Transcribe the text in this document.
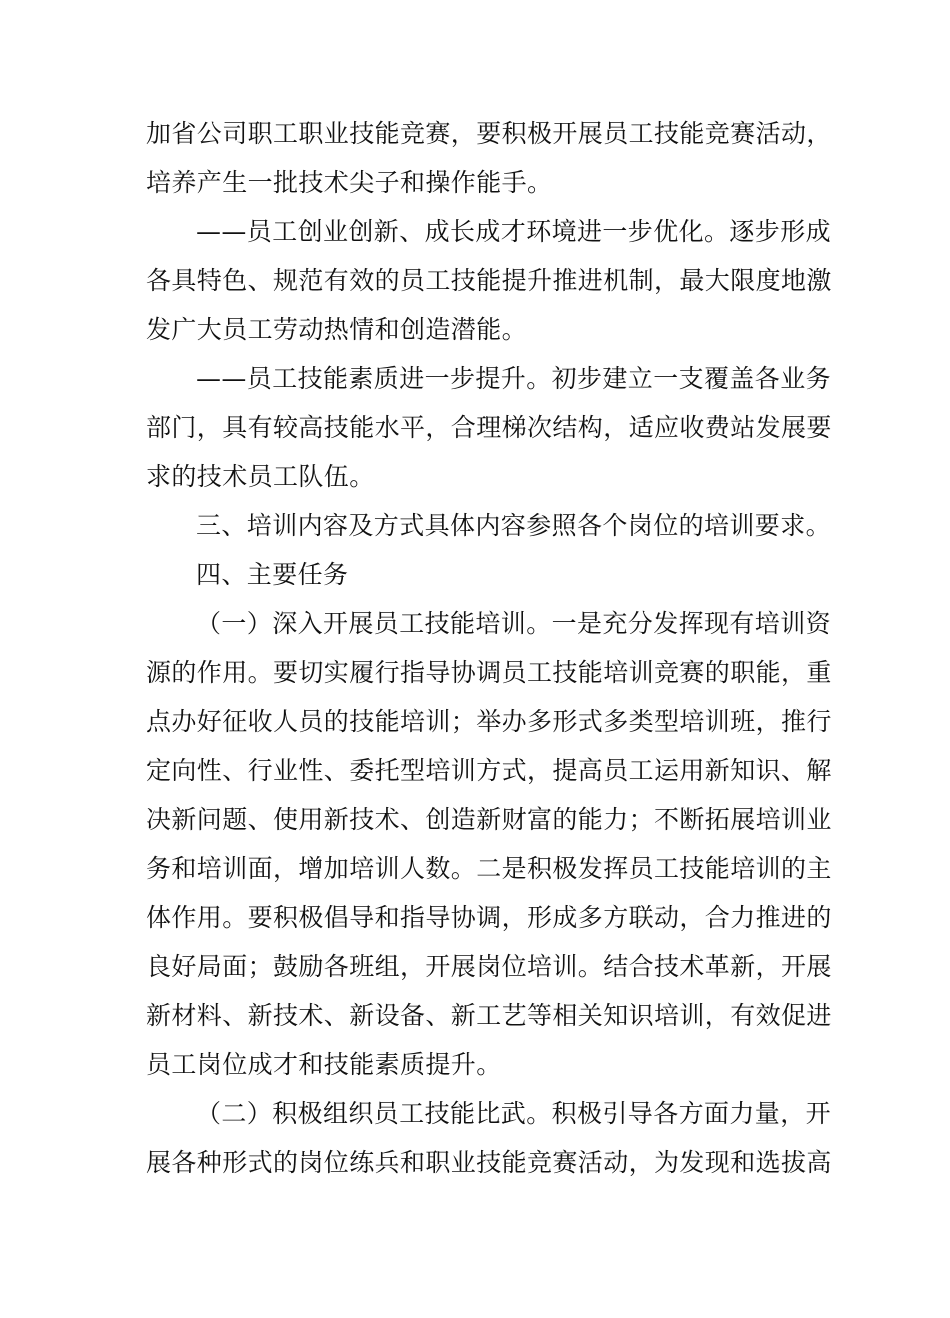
加省公司职工职业技能竞赛，要积极开展员工技能竞赛活动，
培养产生一批技术尖子和操作能手。
——员工创业创新、成长成才环境进一步优化。逐步形成
各具特色、规范有效的员工技能提升推进机制，最大限度地激
发广大员工劳动热情和创造潜能。
——员工技能素质进一步提升。初步建立一支覆盖各业务
部门，具有较高技能水平，合理梯次结构，适应收费站发展要
求的技术员工队伍。
三、培训内容及方式具体内容参照各个岗位的培训要求。
四、主要任务
（一）深入开展员工技能培训。一是充分发挥现有培训资
源的作用。要切实履行指导协调员工技能培训竞赛的职能，重
点办好征收人员的技能培训；举办多形式多类型培训班，推行
定向性、行业性、委托型培训方式，提高员工运用新知识、解
决新问题、使用新技术、创造新财富的能力；不断拓展培训业
务和培训面，增加培训人数。二是积极发挥员工技能培训的主
体作用。要积极倡导和指导协调，形成多方联动，合力推进的
良好局面；鼓励各班组，开展岗位培训。结合技术革新，开展
新材料、新技术、新设备、新工艺等相关知识培训，有效促进
员工岗位成才和技能素质提升。
（二）积极组织员工技能比武。积极引导各方面力量，开
展各种形式的岗位练兵和职业技能竞赛活动，为发现和选拔高
